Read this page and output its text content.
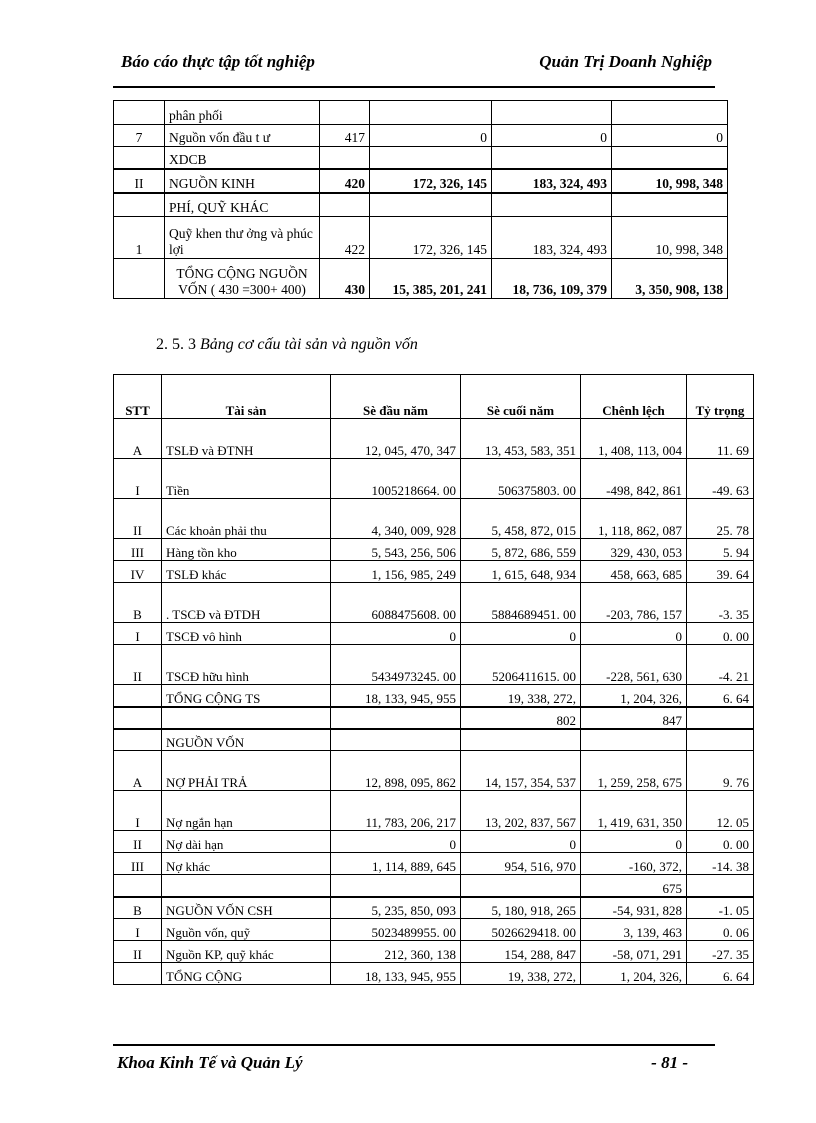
Báo cáo thực tập tốt nghiệp	Quản Trị Doanh Nghiệp
	phân phối				
7	Nguồn vốn đầu t ư	417	0	0	0
	XDCB				
II	NGUỒN KINH	420	172, 326, 145	183, 324, 493	10, 998, 348
	PHÍ, QUỸ KHÁC				
1	Quỹ khen thư ởng và phúc lợi	422	172, 326, 145	183, 324, 493	10, 998, 348
	TỔNG CỘNG NGUỒN VỐN ( 430 =300+ 400)	430	15, 385, 201, 241	18, 736, 109, 379	3, 350, 908, 138
2. 5. 3 Bảng cơ cấu tài sản và nguồn vốn
STT	Tài sản	Sè đầu năm	Sè cuối năm	Chênh lệch	Tỷ trọng
A	TSLĐ và ĐTNH	12, 045, 470, 347	13, 453, 583, 351	1, 408, 113, 004	11. 69
I	Tiền	1005218664. 00	506375803. 00	-498, 842, 861	-49. 63
II	Các khoản phải thu	4, 340, 009, 928	5, 458, 872, 015	1, 118, 862, 087	25. 78
III	Hàng tồn kho	5, 543, 256, 506	5, 872, 686, 559	329, 430, 053	5. 94
IV	TSLĐ khác	1, 156, 985, 249	1, 615, 648, 934	458, 663, 685	39. 64
B	. TSCĐ và ĐTDH	6088475608. 00	5884689451. 00	-203, 786, 157	-3. 35
I	TSCĐ vô hình	0	0	0	0. 00
II	TSCĐ hữu hình	5434973245. 00	5206411615. 00	-228, 561, 630	-4. 21
	TỔNG CỘNG TS	18, 133, 945, 955	19, 338, 272,	1, 204, 326,	6. 64
			802	847	
	NGUỒN VỐN				
A	NỢ PHẢI TRẢ	12, 898, 095, 862	14, 157, 354, 537	1, 259, 258, 675	9. 76
I	Nợ ngắn hạn	11, 783, 206, 217	13, 202, 837, 567	1, 419, 631, 350	12. 05
II	Nợ dài hạn	0	0	0	0. 00
III	Nợ khác	1, 114, 889, 645	954, 516, 970	-160, 372,	-14. 38
				675	
B	NGUỒN VỐN CSH	5, 235, 850, 093	5, 180, 918, 265	-54, 931, 828	-1. 05
I	Nguồn vốn, quỹ	5023489955. 00	5026629418. 00	3, 139, 463	0. 06
II	Nguồn KP, quỹ khác	212, 360, 138	154, 288, 847	-58, 071, 291	-27. 35
	TỔNG CỘNG	18, 133, 945, 955	19, 338, 272,	1, 204, 326,	6. 64
Khoa Kinh Tế và Quản Lý	- 81 -
